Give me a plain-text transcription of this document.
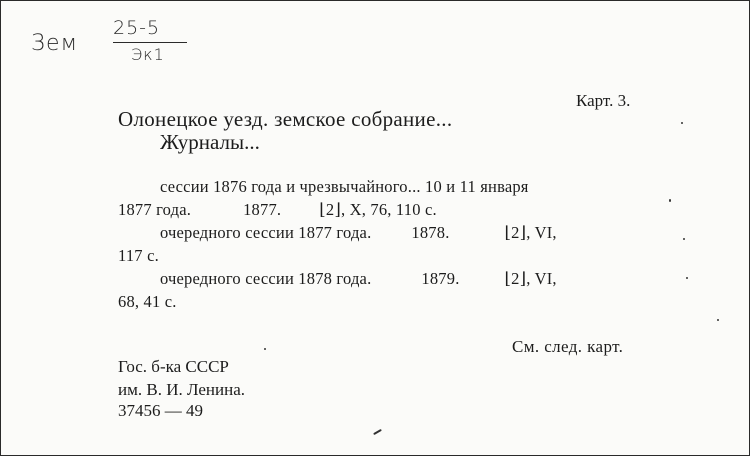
Зем
25-5
Эк1
Карт. 3.
Олонецкое уезд. земское собрание...
Журналы...
сессии 1876 года и чрезвычайного... 10 и 11 января
1877 года.	1877. ⌊2⌋, X, 76, 110 с.
очередного сессии 1877 года. 1878.	⌊2⌋, VI,
117 с.
очередного сессии 1878 года.	1879.	⌊2⌋, VI,
68, 41 с.
См. след. карт.
Гос. б-ка СССР
им. В. И. Ленина.
37456 — 49
